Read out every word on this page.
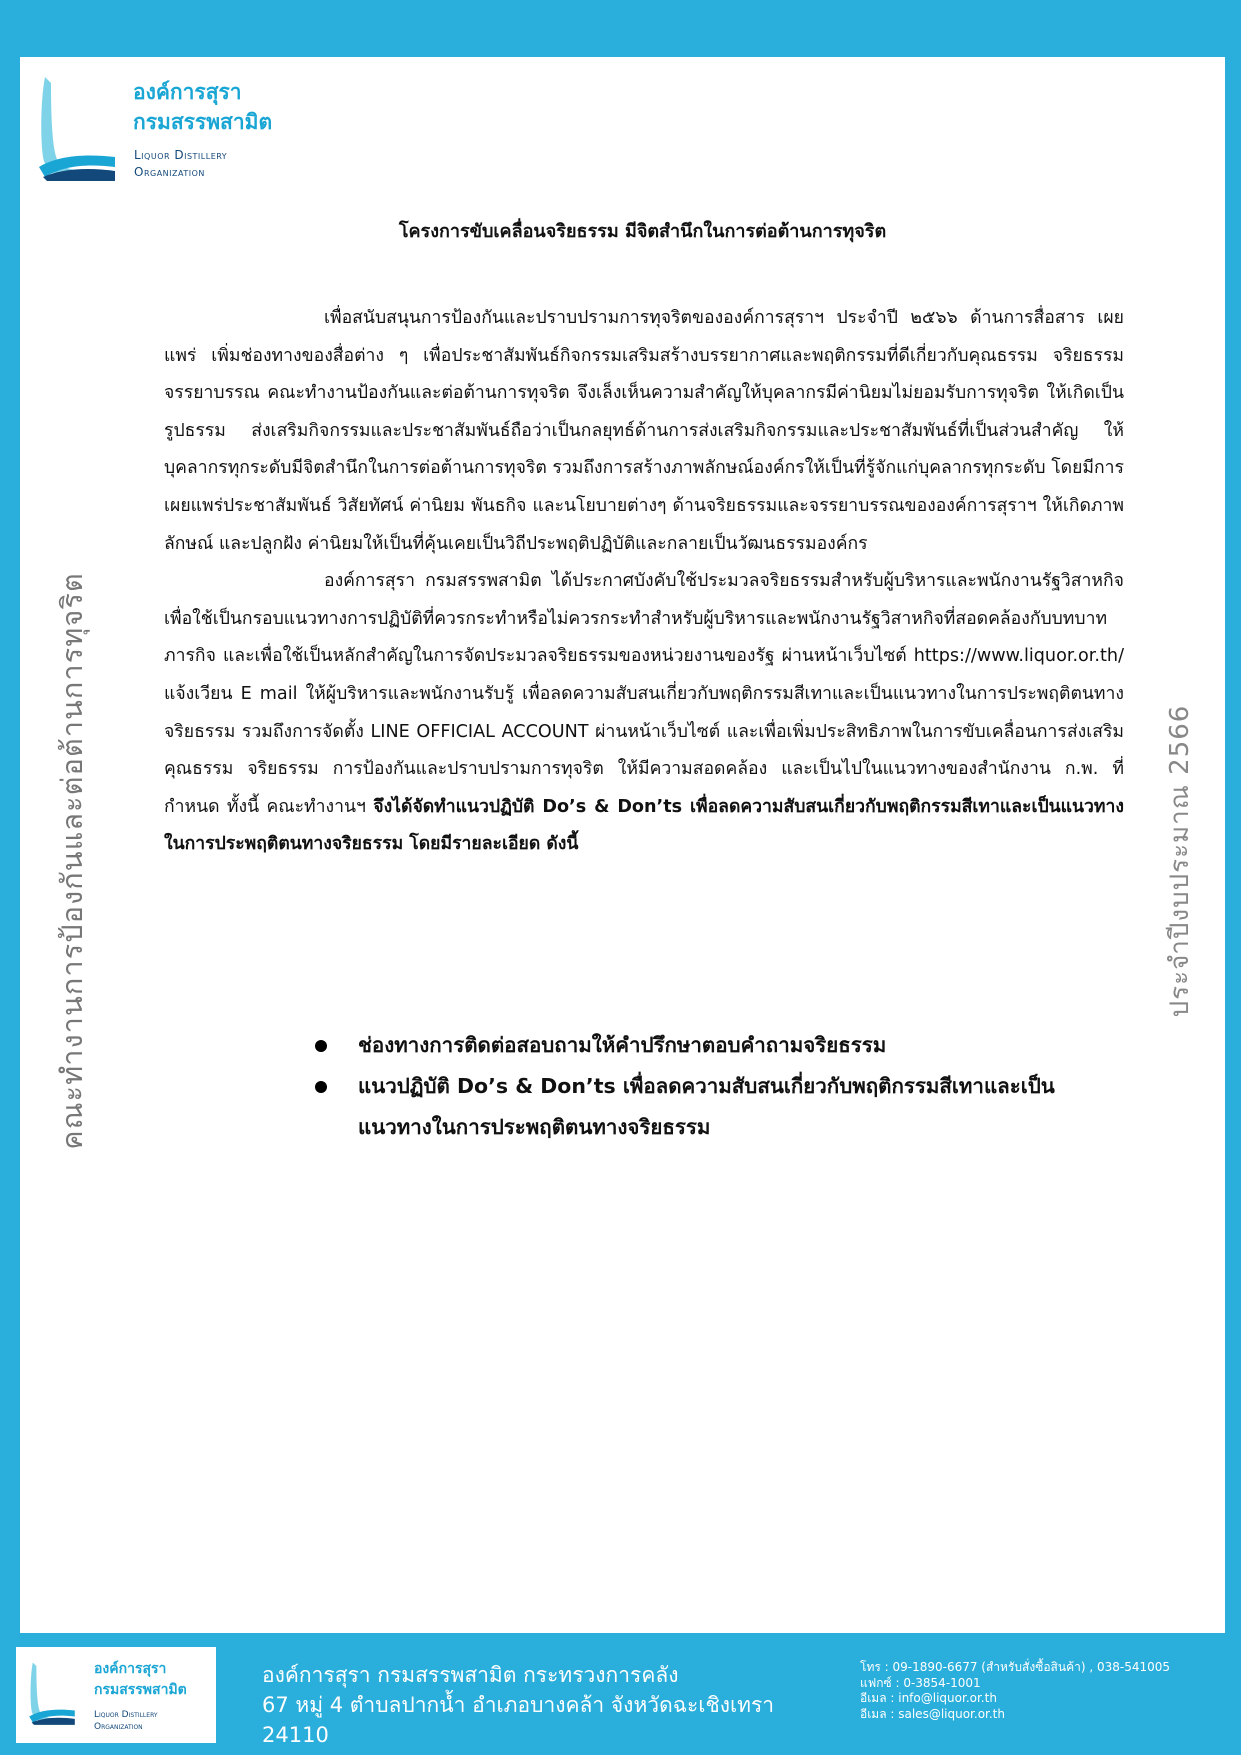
องค์การสุรา
กรมสรรพสามิต
Liquor Distillery
Organization
โครงการขับเคลื่อนจริยธรรม มีจิตสำนึกในการต่อต้านการทุจริต

เพื่อสนับสนุนการป้องกันและปราบปรามการทุจริตขององค์การสุราฯ ประจำปี ๒๕๖๖ ด้านการสื่อสาร เผยแพร่ เพิ่มช่องทางของสื่อต่าง ๆ เพื่อประชาสัมพันธ์กิจกรรมเสริมสร้างบรรยากาศและพฤติกรรมที่ดีเกี่ยวกับคุณธรรม จริยธรรม จรรยาบรรณ คณะทำงานป้องกันและต่อต้านการทุจริต จึงเล็งเห็นความสำคัญให้บุคลากรมีค่านิยมไม่ยอมรับการทุจริต ให้เกิดเป็นรูปธรรม ส่งเสริมกิจกรรมและประชาสัมพันธ์ถือว่าเป็นกลยุทธ์ด้านการส่งเสริมกิจกรรมและประชาสัมพันธ์ที่เป็นส่วนสำคัญ ให้บุคลากรทุกระดับมีจิตสำนึกในการต่อต้านการทุจริต รวมถึงการสร้างภาพลักษณ์องค์กรให้เป็นที่รู้จักแก่บุคลากรทุกระดับ โดยมีการเผยแพร่ประชาสัมพันธ์ วิสัยทัศน์ ค่านิยม พันธกิจ และนโยบายต่างๆ ด้านจริยธรรมและจรรยาบรรณขององค์การสุราฯ ให้เกิดภาพลักษณ์ และปลูกฝัง ค่านิยมให้เป็นที่คุ้นเคยเป็นวิถีประพฤติปฏิบัติและกลายเป็นวัฒนธรรมองค์กร

องค์การสุรา กรมสรรพสามิต ได้ประกาศบังคับใช้ประมวลจริยธรรมสำหรับผู้บริหารและพนักงานรัฐวิสาหกิจ เพื่อใช้เป็นกรอบแนวทางการปฏิบัติที่ควรกระทำหรือไม่ควรกระทำสำหรับผู้บริหารและพนักงานรัฐวิสาหกิจที่สอดคล้องกับบทบาทภารกิจ และเพื่อใช้เป็นหลักสำคัญในการจัดประมวลจริยธรรมของหน่วยงานของรัฐ ผ่านหน้าเว็บไซต์ https://www.liquor.or.th/ แจ้งเวียน E mail ให้ผู้บริหารและพนักงานรับรู้ เพื่อลดความสับสนเกี่ยวกับพฤติกรรมสีเทาและเป็นแนวทางในการประพฤติตนทางจริยธรรม รวมถึงการจัดตั้ง LINE OFFICIAL ACCOUNT ผ่านหน้าเว็บไซต์ และเพื่อเพิ่มประสิทธิภาพในการขับเคลื่อนการส่งเสริมคุณธรรม จริยธรรม การป้องกันและปราบปรามการทุจริต ให้มีความสอดคล้อง และเป็นไปในแนวทางของสำนักงาน ก.พ. ที่กำหนด ทั้งนี้ คณะทำงานฯ จึงได้จัดทำแนวปฏิบัติ Do’s & Don’ts เพื่อลดความสับสนเกี่ยวกับพฤติกรรมสีเทาและเป็นแนวทางในการประพฤติตนทางจริยธรรม โดยมีรายละเอียด ดังนี้

ช่องทางการติดต่อสอบถามให้คำปรึกษาตอบคำถามจริยธรรม
แนวปฏิบัติ Do’s & Don’ts เพื่อลดความสับสนเกี่ยวกับพฤติกรรมสีเทาและเป็นแนวทางในการประพฤติตนทางจริยธรรม
คณะทำงานการป้องกันและต่อต้านการทุจริต	ประจำปีงบประมาณ 2566
องค์การสุรา
กรมสรรพสามิต
Liquor Distillery
Organization
องค์การสุรา กรมสรรพสามิต กระทรวงการคลัง
67 หมู่ 4 ตำบลปากน้ำ อำเภอบางคล้า จังหวัดฉะเชิงเทรา 24110
โทร : 09-1890-6677 (สำหรับสั่งซื้อสินค้า) , 038-541005
แฟกซ์ : 0-3854-1001
อีเมล : info@liquor.or.th
อีเมล : sales@liquor.or.th
